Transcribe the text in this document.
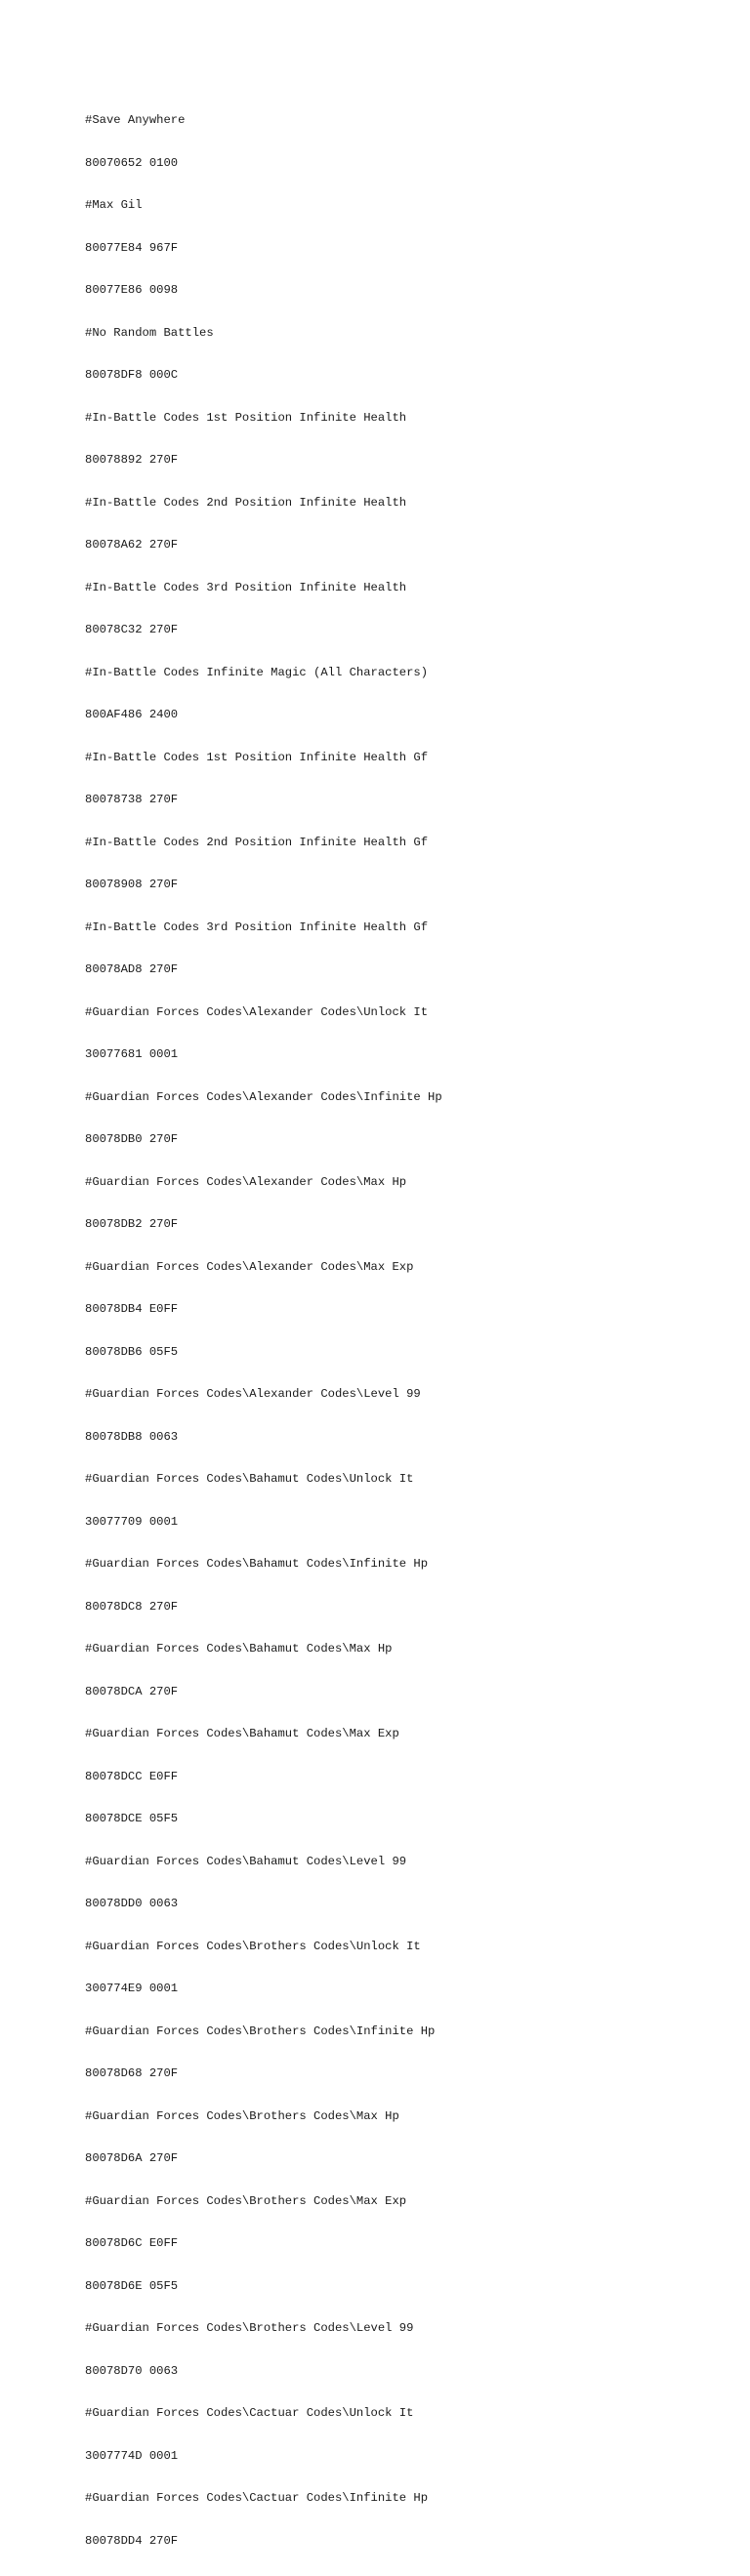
#Save Anywhere

80070652 0100

#Max Gil

80077E84 967F

80077E86 0098

#No Random Battles

80078DF8 000C

#In-Battle Codes 1st Position Infinite Health

80078892 270F

#In-Battle Codes 2nd Position Infinite Health

80078A62 270F

#In-Battle Codes 3rd Position Infinite Health

80078C32 270F

#In-Battle Codes Infinite Magic (All Characters)

800AF486 2400

#In-Battle Codes 1st Position Infinite Health Gf

80078738 270F

#In-Battle Codes 2nd Position Infinite Health Gf

80078908 270F

#In-Battle Codes 3rd Position Infinite Health Gf

80078AD8 270F

#Guardian Forces Codes\Alexander Codes\Unlock It

30077681 0001

#Guardian Forces Codes\Alexander Codes\Infinite Hp

80078DB0 270F

#Guardian Forces Codes\Alexander Codes\Max Hp

80078DB2 270F

#Guardian Forces Codes\Alexander Codes\Max Exp

80078DB4 E0FF

80078DB6 05F5

#Guardian Forces Codes\Alexander Codes\Level 99

80078DB8 0063

#Guardian Forces Codes\Bahamut Codes\Unlock It

30077709 0001

#Guardian Forces Codes\Bahamut Codes\Infinite Hp

80078DC8 270F

#Guardian Forces Codes\Bahamut Codes\Max Hp

80078DCA 270F

#Guardian Forces Codes\Bahamut Codes\Max Exp

80078DCC E0FF

80078DCE 05F5

#Guardian Forces Codes\Bahamut Codes\Level 99

80078DD0 0063

#Guardian Forces Codes\Brothers Codes\Unlock It

300774E9 0001

#Guardian Forces Codes\Brothers Codes\Infinite Hp

80078D68 270F

#Guardian Forces Codes\Brothers Codes\Max Hp

80078D6A 270F

#Guardian Forces Codes\Brothers Codes\Max Exp

80078D6C E0FF

80078D6E 05F5

#Guardian Forces Codes\Brothers Codes\Level 99

80078D70 0063

#Guardian Forces Codes\Cactuar Codes\Unlock It

3007774D 0001

#Guardian Forces Codes\Cactuar Codes\Infinite Hp

80078DD4 270F
